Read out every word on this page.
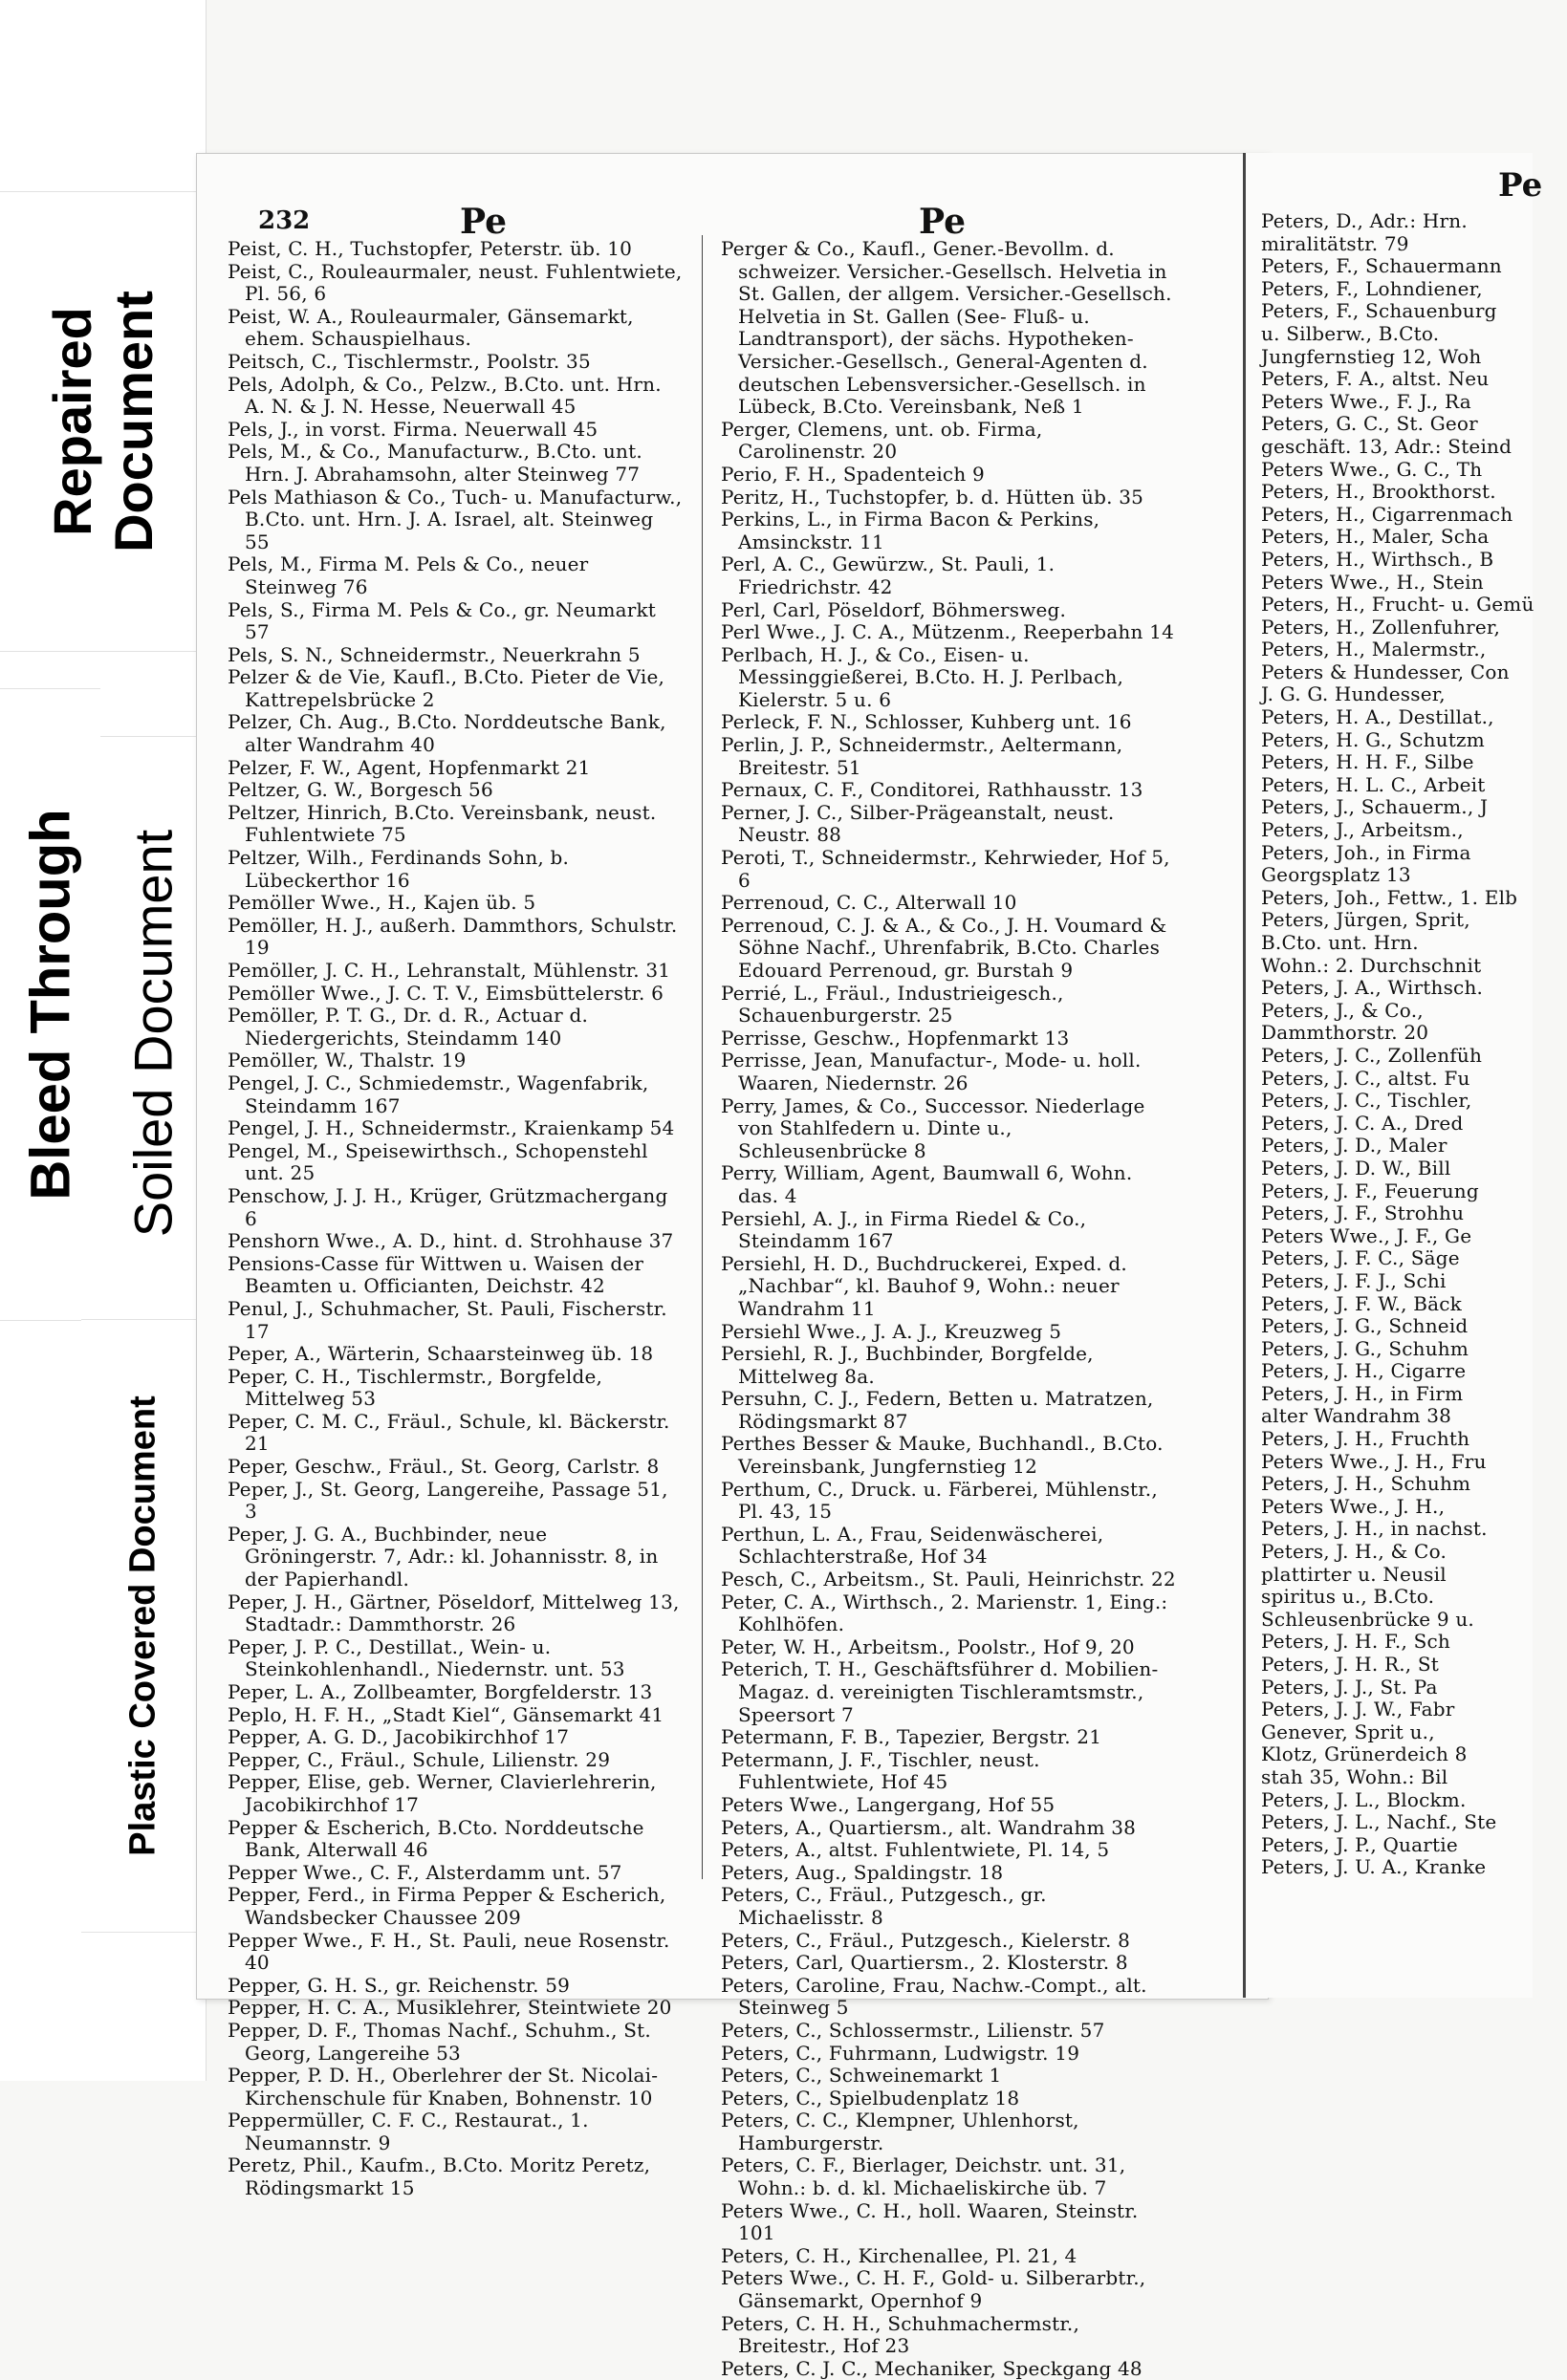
Repaired Document
Bleed Through Soiled Document
Plastic Covered Document
232	Pe	Pe
Peist, C. H., Tuchstopfer, Peterstr. üb. 10
Peist, C., Rouleaurmaler, neust. Fuhlentwiete, Pl. 56, 6
Peist, W. A., Rouleaurmaler, Gänsemarkt, ehem. Schauspielhaus.
Peitsch, C., Tischlermstr., Poolstr. 35
Pels, Adolph, & Co., Pelzw., B.Cto. unt. Hrn. A. N. & J. N. Hesse, Neuerwall 45
Pels, J., in vorst. Firma. Neuerwall 45
Pels, M., & Co., Manufacturw., B.Cto. unt. Hrn. J. Abrahamsohn, alter Steinweg 77
Pels Mathiason & Co., Tuch- u. Manufacturw., B.Cto. unt. Hrn. J. A. Israel, alt. Steinweg 55
Pels, M., Firma M. Pels & Co., neuer Steinweg 76
Pels, S., Firma M. Pels & Co., gr. Neumarkt 57
Pels, S. N., Schneidermstr., Neuerkrahn 5
Pelzer & de Vie, Kaufl., B.Cto. Pieter de Vie, Kattrepelsbrücke 2
Pelzer, Ch. Aug., B.Cto. Norddeutsche Bank, alter Wandrahm 40
Pelzer, F. W., Agent, Hopfenmarkt 21
Peltzer, G. W., Borgesch 56
Peltzer, Hinrich, B.Cto. Vereinsbank, neust. Fuhlentwiete 75
Peltzer, Wilh., Ferdinands Sohn, b. Lübeckerthor 16
Pemöller Wwe., H., Kajen üb. 5
Pemöller, H. J., außerh. Dammthors, Schulstr. 19
Pemöller, J. C. H., Lehranstalt, Mühlenstr. 31
Pemöller Wwe., J. C. T. V., Eimsbüttelerstr. 6
Pemöller, P. T. G., Dr. d. R., Actuar d. Niedergerichts, Steindamm 140
Pemöller, W., Thalstr. 19
Pengel, J. C., Schmiedemstr., Wagenfabrik, Steindamm 167
Pengel, J. H., Schneidermstr., Kraienkamp 54
Pengel, M., Speisewirthsch., Schopenstehl unt. 25
Penschow, J. J. H., Krüger, Grützmachergang 6
Penshorn Wwe., A. D., hint. d. Strohhause 37
Pensions-Casse für Wittwen u. Waisen der Beamten u. Officianten, Deichstr. 42
Penul, J., Schuhmacher, St. Pauli, Fischerstr. 17
Peper, A., Wärterin, Schaarsteinweg üb. 18
Peper, C. H., Tischlermstr., Borgfelde, Mittelweg 53
Peper, C. M. C., Fräul., Schule, kl. Bäckerstr. 21
Peper, Geschw., Fräul., St. Georg, Carlstr. 8
Peper, J., St. Georg, Langereihe, Passage 51, 3
Peper, J. G. A., Buchbinder, neue Gröningerstr. 7, Adr.: kl. Johannisstr. 8, in der Papierhandl.
Peper, J. H., Gärtner, Pöseldorf, Mittelweg 13, Stadtadr.: Dammthorstr. 26
Peper, J. P. C., Destillat., Wein- u. Steinkohlenhandl., Niedernstr. unt. 53
Peper, L. A., Zollbeamter, Borgfelderstr. 13
Peplo, H. F. H., „Stadt Kiel“, Gänsemarkt 41
Pepper, A. G. D., Jacobikirchhof 17
Pepper, C., Fräul., Schule, Lilienstr. 29
Pepper, Elise, geb. Werner, Clavierlehrerin, Jacobikirchhof 17
Pepper & Escherich, B.Cto. Norddeutsche Bank, Alterwall 46
Pepper Wwe., C. F., Alsterdamm unt. 57
Pepper, Ferd., in Firma Pepper & Escherich, Wandsbecker Chaussee 209
Pepper Wwe., F. H., St. Pauli, neue Rosenstr. 40
Pepper, G. H. S., gr. Reichenstr. 59
Pepper, H. C. A., Musiklehrer, Steintwiete 20
Pepper, D. F., Thomas Nachf., Schuhm., St. Georg, Langereihe 53
Pepper, P. D. H., Oberlehrer der St. Nicolai-Kirchenschule für Knaben, Bohnenstr. 10
Peppermüller, C. F. C., Restaurat., 1. Neumannstr. 9
Peretz, Phil., Kaufm., B.Cto. Moritz Peretz, Rödingsmarkt 15
Perger & Co., Kaufl., Gener.-Bevollm. d. schweizer. Versicher.-Gesellsch. Helvetia in St. Gallen, der allgem. Versicher.-Gesellsch. Helvetia in St. Gallen (See- Fluß- u. Landtransport), der sächs. Hypotheken-Versicher.-Gesellsch., General-Agenten d. deutschen Lebensversicher.-Gesellsch. in Lübeck, B.Cto. Vereinsbank, Neß 1
Perger, Clemens, unt. ob. Firma, Carolinenstr. 20
Perio, F. H., Spadenteich 9
Peritz, H., Tuchstopfer, b. d. Hütten üb. 35
Perkins, L., in Firma Bacon & Perkins, Amsinckstr. 11
Perl, A. C., Gewürzw., St. Pauli, 1. Friedrichstr. 42
Perl, Carl, Pöseldorf, Böhmersweg.
Perl Wwe., J. C. A., Mützenm., Reeperbahn 14
Perlbach, H. J., & Co., Eisen- u. Messinggießerei, B.Cto. H. J. Perlbach, Kielerstr. 5 u. 6
Perleck, F. N., Schlosser, Kuhberg unt. 16
Perlin, J. P., Schneidermstr., Aeltermann, Breitestr. 51
Pernaux, C. F., Conditorei, Rathhausstr. 13
Perner, J. C., Silber-Prägeanstalt, neust. Neustr. 88
Peroti, T., Schneidermstr., Kehrwieder, Hof 5, 6
Perrenoud, C. C., Alterwall 10
Perrenoud, C. J. & A., & Co., J. H. Voumard & Söhne Nachf., Uhrenfabrik, B.Cto. Charles Edouard Perrenoud, gr. Burstah 9
Perrié, L., Fräul., Industrieigesch., Schauenburgerstr. 25
Perrisse, Geschw., Hopfenmarkt 13
Perrisse, Jean, Manufactur-, Mode- u. holl. Waaren, Niedernstr. 26
Perry, James, & Co., Successor. Niederlage von Stahlfedern u. Dinte u., Schleusenbrücke 8
Perry, William, Agent, Baumwall 6, Wohn. das. 4
Persiehl, A. J., in Firma Riedel & Co., Steindamm 167
Persiehl, H. D., Buchdruckerei, Exped. d. „Nachbar“, kl. Bauhof 9, Wohn.: neuer Wandrahm 11
Persiehl Wwe., J. A. J., Kreuzweg 5
Persiehl, R. J., Buchbinder, Borgfelde, Mittelweg 8a.
Persuhn, C. J., Federn, Betten u. Matratzen, Rödingsmarkt 87
Perthes Besser & Mauke, Buchhandl., B.Cto. Vereinsbank, Jungfernstieg 12
Perthum, C., Druck. u. Färberei, Mühlenstr., Pl. 43, 15
Perthun, L. A., Frau, Seidenwäscherei, Schlachterstraße, Hof 34
Pesch, C., Arbeitsm., St. Pauli, Heinrichstr. 22
Peter, C. A., Wirthsch., 2. Marienstr. 1, Eing.: Kohlhöfen.
Peter, W. H., Arbeitsm., Poolstr., Hof 9, 20
Peterich, T. H., Geschäftsführer d. Mobilien-Magaz. d. vereinigten Tischleramtsmstr., Speersort 7
Petermann, F. B., Tapezier, Bergstr. 21
Petermann, J. F., Tischler, neust. Fuhlentwiete, Hof 45
Peters Wwe., Langergang, Hof 55
Peters, A., Quartiersm., alt. Wandrahm 38
Peters, A., altst. Fuhlentwiete, Pl. 14, 5
Peters, Aug., Spaldingstr. 18
Peters, C., Fräul., Putzgesch., gr. Michaelisstr. 8
Peters, C., Fräul., Putzgesch., Kielerstr. 8
Peters, Carl, Quartiersm., 2. Klosterstr. 8
Peters, Caroline, Frau, Nachw.-Compt., alt. Steinweg 5
Peters, C., Schlossermstr., Lilienstr. 57
Peters, C., Fuhrmann, Ludwigstr. 19
Peters, C., Schweinemarkt 1
Peters, C., Spielbudenplatz 18
Peters, C. C., Klempner, Uhlenhorst, Hamburgerstr.
Peters, C. F., Bierlager, Deichstr. unt. 31, Wohn.: b. d. kl. Michaeliskirche üb. 7
Peters Wwe., C. H., holl. Waaren, Steinstr. 101
Peters, C. H., Kirchenallee, Pl. 21, 4
Peters Wwe., C. H. F., Gold- u. Silberarbtr., Gänsemarkt, Opernhof 9
Peters, C. H. H., Schuhmachermstr., Breitestr., Hof 23
Peters, C. J. C., Mechaniker, Speckgang 48
Pe
Peters, D., Adr.: Hrn.
miralitätstr. 79
Peters, F., Schauermann
Peters, F., Lohndiener,
Peters, F., Schauenburg
u. Silberw., B.Cto.
Jungfernstieg 12, Woh
Peters, F. A., altst. Neu
Peters Wwe., F. J., Ra
Peters, G. C., St. Geor
geschäft. 13, Adr.: Steind
Peters Wwe., G. C., Th
Peters, H., Brookthorst.
Peters, H., Cigarrenmach
Peters, H., Maler, Scha
Peters, H., Wirthsch., B
Peters Wwe., H., Stein
Peters, H., Frucht- u. Gemü
Peters, H., Zollenfuhrer,
Peters, H., Malermstr.,
Peters & Hundesser, Con
J. G. G. Hundesser,
Peters, H. A., Destillat.,
Peters, H. G., Schutzm
Peters, H. H. F., Silbe
Peters, H. L. C., Arbeit
Peters, J., Schauerm., J
Peters, J., Arbeitsm.,
Peters, Joh., in Firma
Georgsplatz 13
Peters, Joh., Fettw., 1. Elb
Peters, Jürgen, Sprit,
B.Cto. unt. Hrn.
Wohn.: 2. Durchschnit
Peters, J. A., Wirthsch.
Peters, J., & Co.,
Dammthorstr. 20
Peters, J. C., Zollenfüh
Peters, J. C., altst. Fu
Peters, J. C., Tischler,
Peters, J. C. A., Dred
Peters, J. D., Maler
Peters, J. D. W., Bill
Peters, J. F., Feuerung
Peters, J. F., Strohhu
Peters Wwe., J. F., Ge
Peters, J. F. C., Säge
Peters, J. F. J., Schi
Peters, J. F. W., Bäck
Peters, J. G., Schneid
Peters, J. G., Schuhm
Peters, J. H., Cigarre
Peters, J. H., in Firm
alter Wandrahm 38
Peters, J. H., Fruchth
Peters Wwe., J. H., Fru
Peters, J. H., Schuhm
Peters Wwe., J. H.,
Peters, J. H., in nachst.
Peters, J. H., & Co.
plattirter u. Neusil
spiritus u., B.Cto.
Schleusenbrücke 9 u.
Peters, J. H. F., Sch
Peters, J. H. R., St
Peters, J. J., St. Pa
Peters, J. J. W., Fabr
Genever, Sprit u.,
Klotz, Grünerdeich 8
stah 35, Wohn.: Bil
Peters, J. L., Blockm.
Peters, J. L., Nachf., Ste
Peters, J. P., Quartie
Peters, J. U. A., Kranke
